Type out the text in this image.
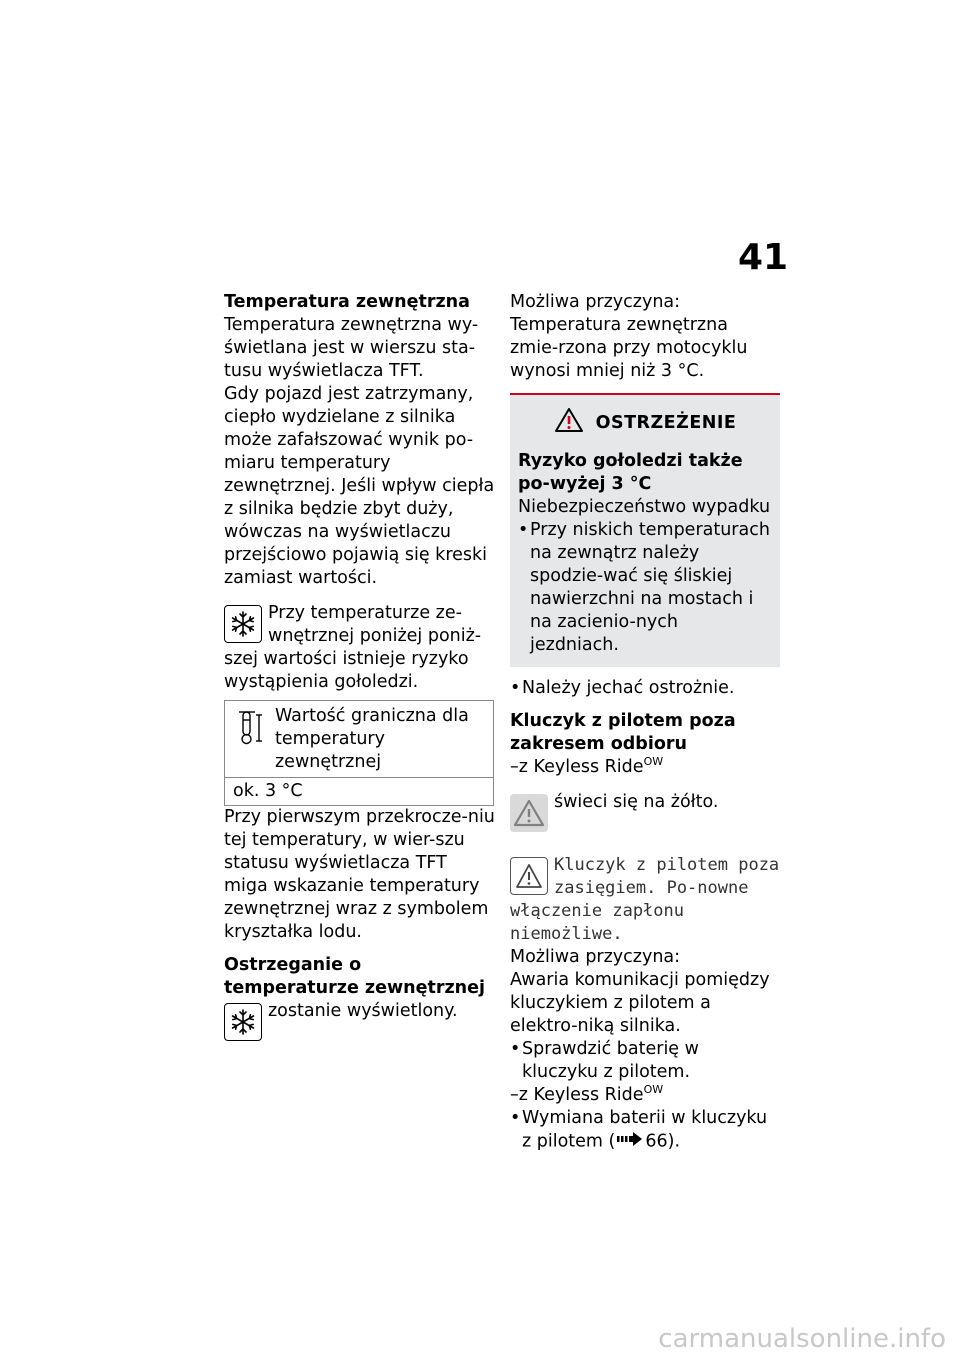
41

Temperatura zewnętrzna

Temperatura zewnętrzna wy-świetlana jest w wierszu sta-tusu wyświetlacza TFT.

Gdy pojazd jest zatrzymany, ciepło wydzielane z silnika może zafałszować wynik po-miaru temperatury zewnętrznej. Jeśli wpływ ciepła z silnika będzie zbyt duży, wówczas na wyświetlaczu przejściowo pojawią się kreski zamiast wartości.

Przy temperaturze ze-wnętrznej poniżej poniż-szej wartości istnieje ryzyko wystąpienia gołoledzi.
Wartość graniczna dla temperatury zewnętrznej
ok. 3 °C

Przy pierwszym przekrocze-niu tej temperatury, w wier-szu statusu wyświetlacza TFT miga wskazanie temperatury zewnętrznej wraz z symbolem kryształka lodu.

Ostrzeganie o temperaturze zewnętrznej

zostanie wyświetlony.

Możliwa przyczyna:

Temperatura zewnętrzna zmie-rzona przy motocyklu wynosi mniej niż 3 °C.

OSTRZEŻENIE

Ryzyko gołoledzi także po-wyżej 3 °C

Niebezpieczeństwo wypadku

• Przy niskich temperaturach na zewnątrz należy spodzie-wać się śliskiej nawierzchni na mostach i na zacienio-nych jezdniach.
• Należy jechać ostrożnie.

Kluczyk z pilotem poza zakresem odbioru

–z Keyless Ride$^{OW}$

świeci się na żółto.
Kluczyk z pilotem poza zasięgiem. Po-nowne włączenie zapłonu niemożliwe.

Możliwa przyczyna:

Awaria komunikacji pomiędzy kluczykiem z pilotem a elektro-niką silnika.

• Sprawdzić baterię w kluczyku z pilotem.

–z Keyless Ride$^{OW}$

• Wymiana baterii w kluczyku z pilotem ( 66).
carmanualsonline.info
